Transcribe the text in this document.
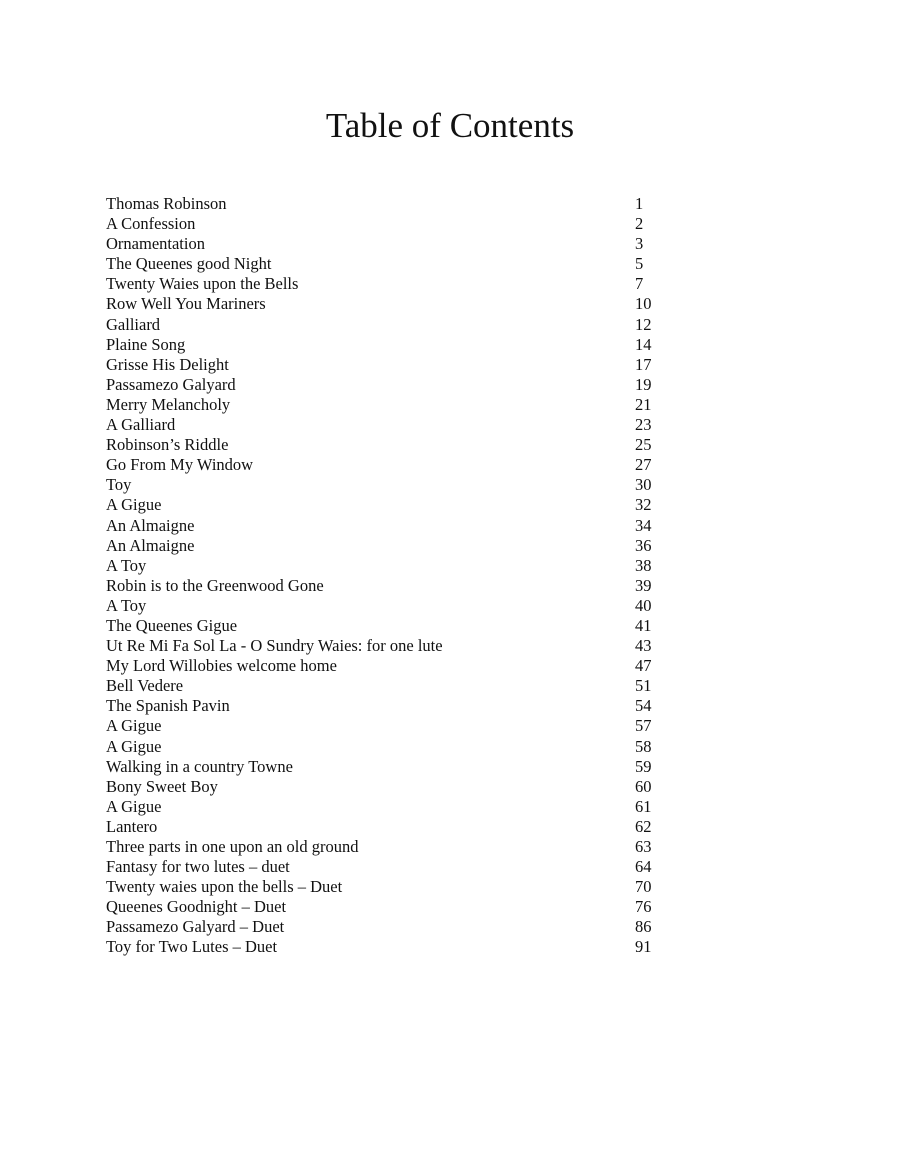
Table of Contents
Thomas Robinson	1
A Confession	2
Ornamentation	3
The Queenes good Night	5
Twenty Waies upon the Bells	7
Row Well You Mariners	10
Galliard	12
Plaine Song	14
Grisse His Delight	17
Passamezo Galyard	19
Merry Melancholy	21
A Galliard	23
Robinson’s Riddle	25
Go From My Window	27
Toy	30
A Gigue	32
An Almaigne	34
An Almaigne	36
A Toy	38
Robin is to the Greenwood Gone	39
A Toy	40
The Queenes Gigue	41
Ut Re Mi Fa Sol La - O Sundry Waies: for one lute	43
My Lord Willobies welcome home	47
Bell Vedere	51
The Spanish Pavin	54
A Gigue	57
A Gigue	58
Walking in a country Towne	59
Bony Sweet Boy	60
A Gigue	61
Lantero	62
Three parts in one upon an old ground	63
Fantasy for two lutes – duet	64
Twenty waies upon the bells – Duet	70
Queenes Goodnight – Duet	76
Passamezo Galyard – Duet	86
Toy for Two Lutes – Duet	91
